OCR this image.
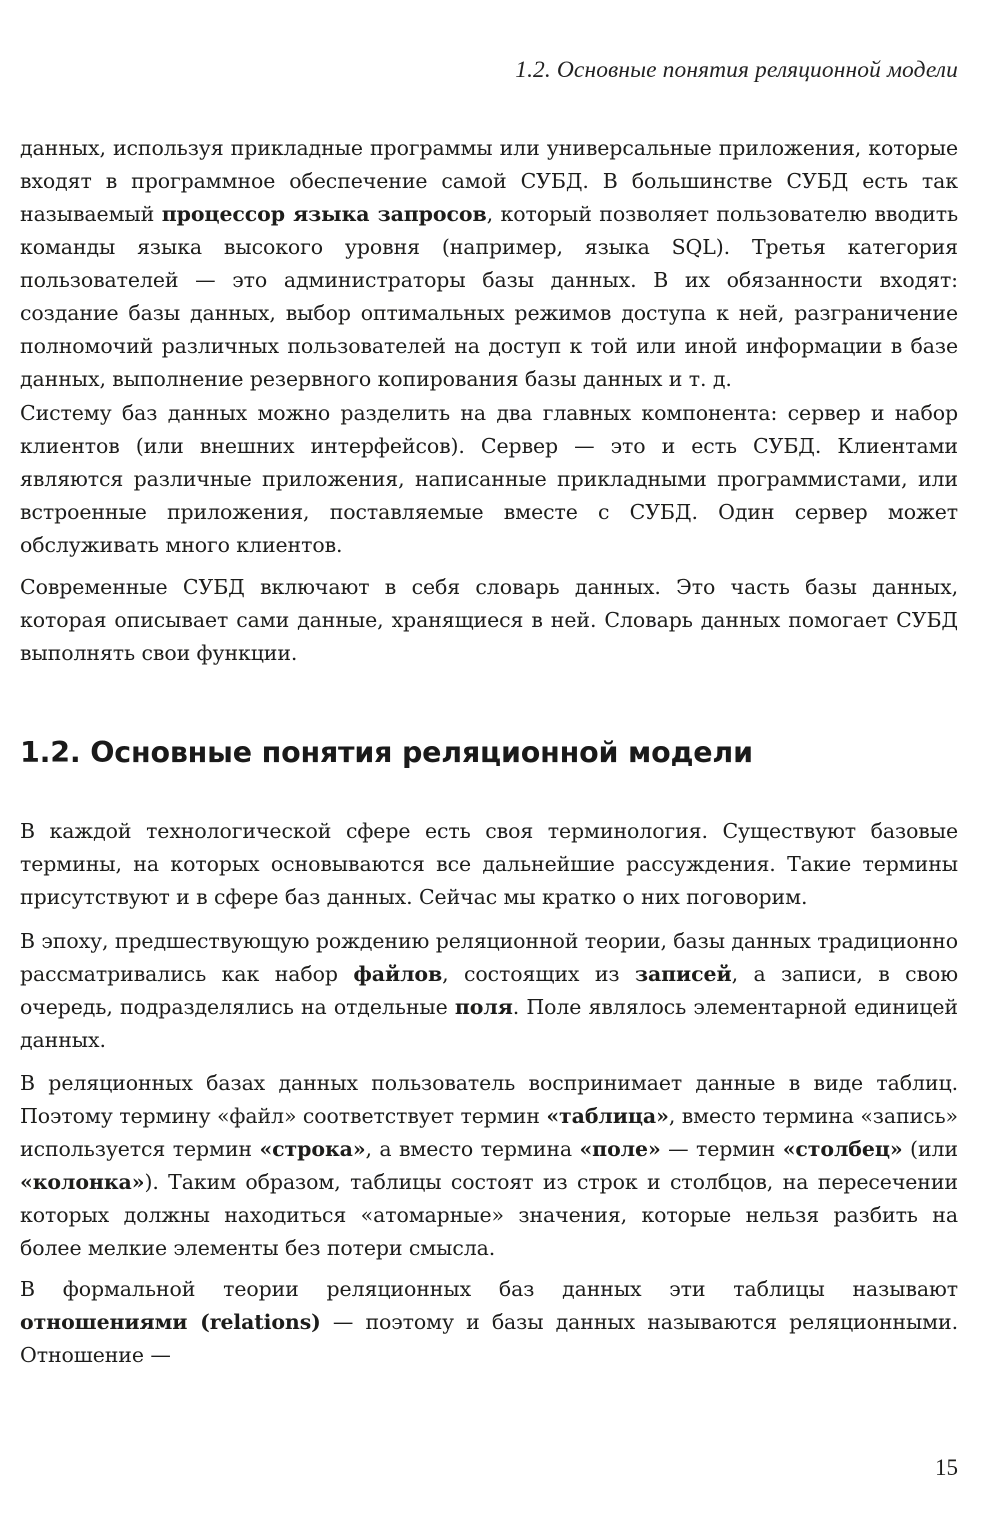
1.2. Основные понятия реляционной модели

данных, используя прикладные программы или универсальные приложения, которые входят в программное обеспечение самой СУБД. В большинстве СУБД есть так называемый процессор языка запросов, который позволяет пользователю вводить команды языка высокого уровня (например, языка SQL). Третья категория пользователей — это администраторы базы данных. В их обязанности входят: создание базы данных, выбор оптимальных режимов доступа к ней, разграничение полномочий различных пользователей на доступ к той или иной информации в базе данных, выполнение резервного копирования базы данных и т. д.

Систему баз данных можно разделить на два главных компонента: сервер и набор клиентов (или внешних интерфейсов). Сервер — это и есть СУБД. Клиентами являются различные приложения, написанные прикладными программистами, или встроенные приложения, поставляемые вместе с СУБД. Один сервер может обслуживать много клиентов.

Современные СУБД включают в себя словарь данных. Это часть базы данных, которая описывает сами данные, хранящиеся в ней. Словарь данных помогает СУБД выполнять свои функции.

1.2. Основные понятия реляционной модели

В каждой технологической сфере есть своя терминология. Существуют базовые термины, на которых основываются все дальнейшие рассуждения. Такие термины присутствуют и в сфере баз данных. Сейчас мы кратко о них поговорим.

В эпоху, предшествующую рождению реляционной теории, базы данных традиционно рассматривались как набор файлов, состоящих из записей, а записи, в свою очередь, подразделялись на отдельные поля. Поле являлось элементарной единицей данных.

В реляционных базах данных пользователь воспринимает данные в виде таблиц. Поэтому термину «файл» соответствует термин «таблица», вместо термина «запись» используется термин «строка», а вместо термина «поле» — термин «столбец» (или «колонка»). Таким образом, таблицы состоят из строк и столбцов, на пересечении которых должны находиться «атомарные» значения, которые нельзя разбить на более мелкие элементы без потери смысла.

В формальной теории реляционных баз данных эти таблицы называют отношениями (relations) — поэтому и базы данных называются реляционными. Отношение —

15
